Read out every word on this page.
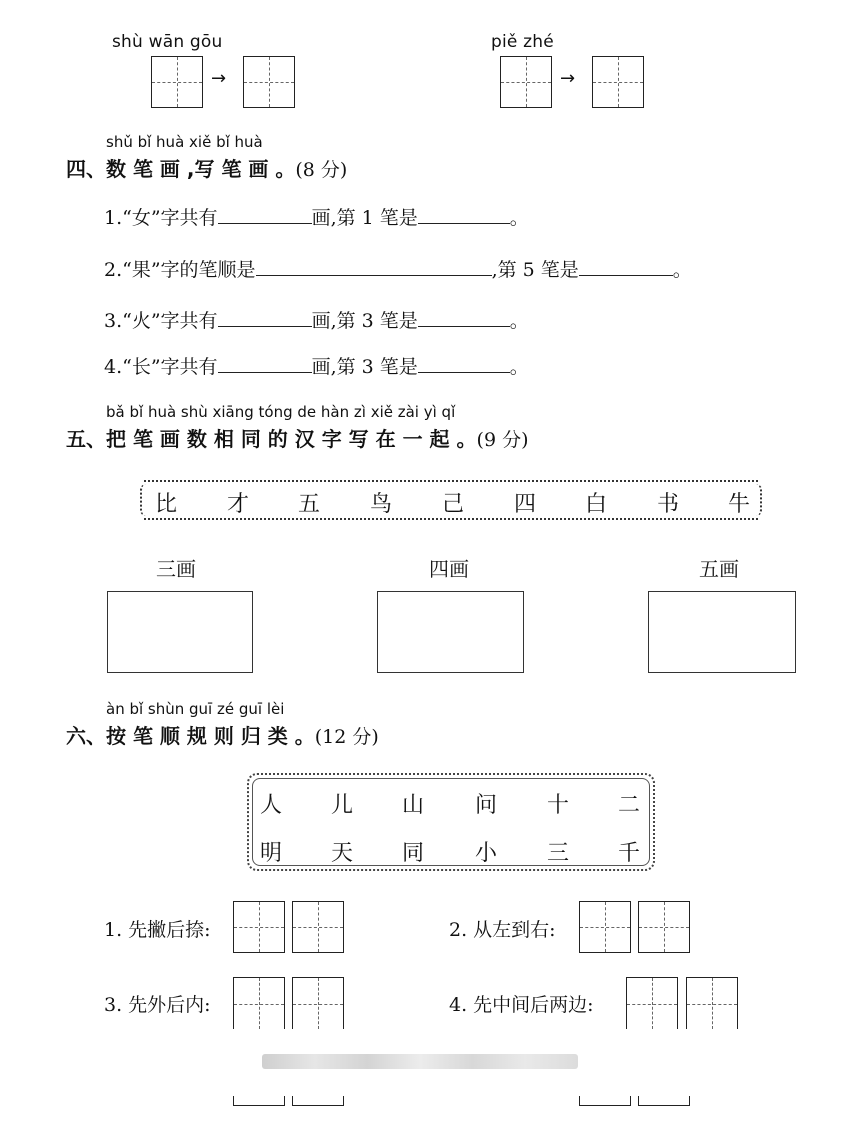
shù wān gōu
→
piě zhé
→
shǔ bǐ huà xiě bǐ huà
四、数 笔 画 ,写 笔 画 。(8 分)
1.“女”字共有	画,第 1 笔是	。
2.“果”字的笔顺是	,第 5 笔是	。
3.“火”字共有	画,第 3 笔是	。
4.“长”字共有	画,第 3 笔是	。
bǎ bǐ huà shù xiāng tóng de hàn zì xiě zài yì qǐ
五、把 笔 画 数 相 同 的 汉 字 写 在 一 起 。(9 分)
比 才 五 鸟 己 四 白 书 牛
三画	四画	五画
àn bǐ shùn guī zé guī lèi
六、按 笔 顺 规 则 归 类 。(12 分)
人 儿 山 问 十 二
明 天 同 小 三 千
1. 先撇后捺:	2. 从左到右:
3. 先外后内:	4. 先中间后两边:
